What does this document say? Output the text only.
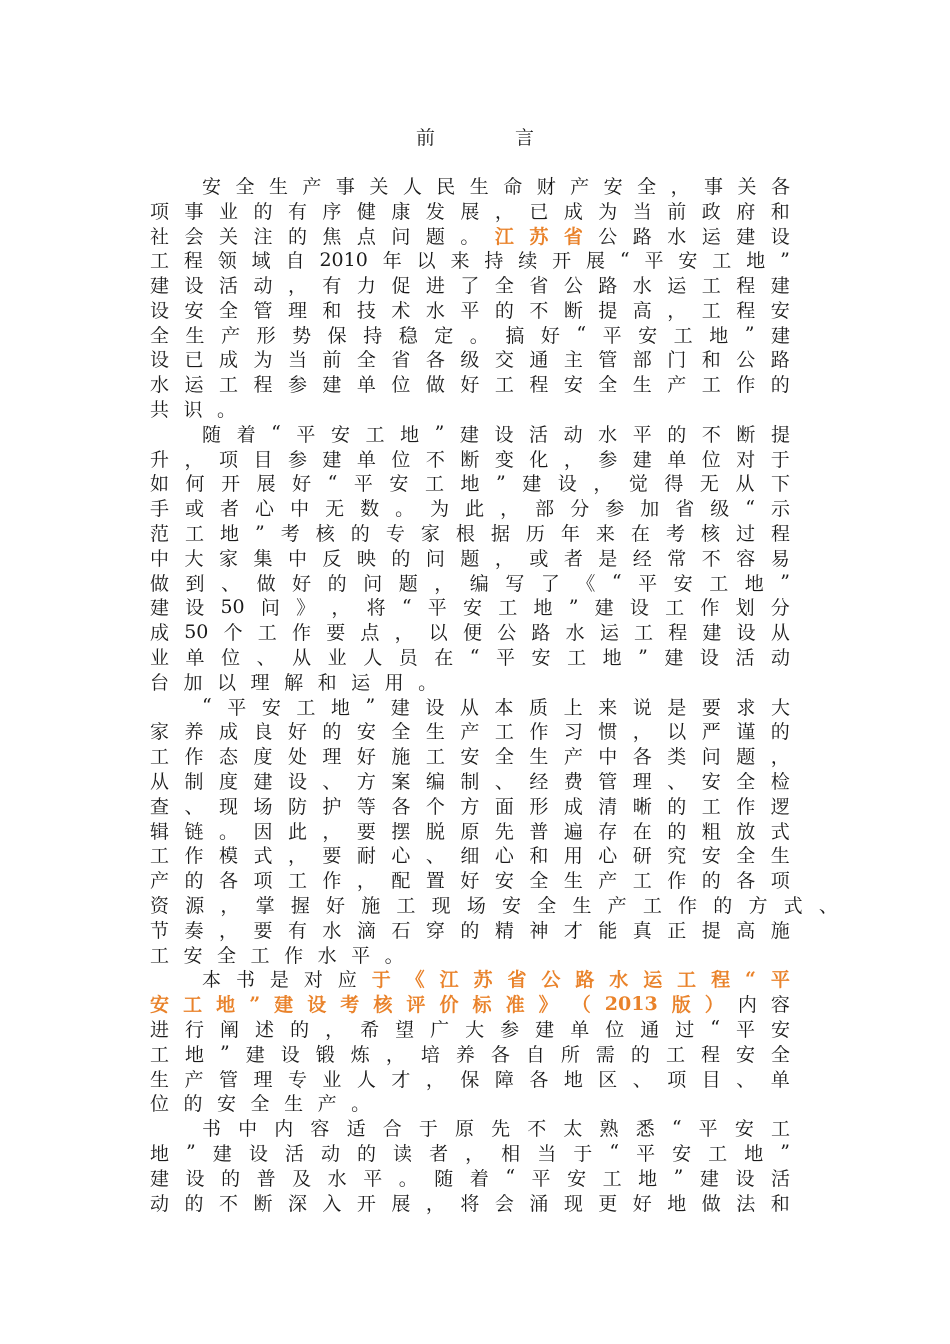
前言
安 全 生 产 事 关 人 民 生 命 财 产 安 全 ， 事 关 各
项 事 业 的 有 序 健 康 发 展 ， 已 成 为 当 前 政 府 和
社 会 关 注 的 焦 点 问 题 。 江 苏 省 公 路 水 运 建 设
工 程 领 域 自 2010 年 以 来 持 续 开 展 “ 平 安 工 地 ”
建 设 活 动 ， 有 力 促 进 了 全 省 公 路 水 运 工 程 建
设 安 全 管 理 和 技 术 水 平 的 不 断 提 高 ， 工 程 安
全 生 产 形 势 保 持 稳 定 。 搞 好 “ 平 安 工 地 ” 建
设 已 成 为 当 前 全 省 各 级 交 通 主 管 部 门 和 公 路
水 运 工 程 参 建 单 位 做 好 工 程 安 全 生 产 工 作 的
共 识 。
随 着 “ 平 安 工 地 ” 建 设 活 动 水 平 的 不 断 提
升 ， 项 目 参 建 单 位 不 断 变 化 ， 参 建 单 位 对 于
如 何 开 展 好 “ 平 安 工 地 ” 建 设 ， 觉 得 无 从 下
手 或 者 心 中 无 数 。 为 此 ， 部 分 参 加 省 级 “ 示
范 工 地 ” 考 核 的 专 家 根 据 历 年 来 在 考 核 过 程
中 大 家 集 中 反 映 的 问 题 ， 或 者 是 经 常 不 容 易
做 到 、 做 好 的 问 题 ， 编 写 了 《 “ 平 安 工 地 ”
建 设 50 问 》 ， 将 “ 平 安 工 地 ” 建 设 工 作 划 分
成 50 个 工 作 要 点 ， 以 便 公 路 水 运 工 程 建 设 从
业 单 位 、 从 业 人 员 在 “ 平 安 工 地 ” 建 设 活 动
台 加 以 理 解 和 运 用 。
“ 平 安 工 地 ” 建 设 从 本 质 上 来 说 是 要 求 大
家 养 成 良 好 的 安 全 生 产 工 作 习 惯 ， 以 严 谨 的
工 作 态 度 处 理 好 施 工 安 全 生 产 中 各 类 问 题 ，
从 制 度 建 设 、 方 案 编 制 、 经 费 管 理 、 安 全 检
查 、 现 场 防 护 等 各 个 方 面 形 成 清 晰 的 工 作 逻
辑 链 。 因 此 ， 要 摆 脱 原 先 普 遍 存 在 的 粗 放 式
工 作 模 式 ， 要 耐 心 、 细 心 和 用 心 研 究 安 全 生
产 的 各 项 工 作 ， 配 置 好 安 全 生 产 工 作 的 各 项
资 源 ， 掌 握 好 施 工 现 场 安 全 生 产 工 作 的 方 式 、
节 奏 ， 要 有 水 滴 石 穿 的 精 神 才 能 真 正 提 高 施
工 安 全 工 作 水 平 。
本 书 是 对 应 于 《 江 苏 省 公 路 水 运 工 程 “ 平
安 工 地 ” 建 设 考 核 评 价 标 准 》 （ 2013 版 ） 内 容
进 行 阐 述 的 ， 希 望 广 大 参 建 单 位 通 过 “ 平 安
工 地 ” 建 设 锻 炼 ， 培 养 各 自 所 需 的 工 程 安 全
生 产 管 理 专 业 人 才 ， 保 障 各 地 区 、 项 目 、 单
位 的 安 全 生 产 。
书 中 内 容 适 合 于 原 先 不 太 熟 悉 “ 平 安 工
地 ” 建 设 活 动 的 读 者 ， 相 当 于 “ 平 安 工 地 ”
建 设 的 普 及 水 平 。 随 着 “ 平 安 工 地 ” 建 设 活
动 的 不 断 深 入 开 展 ， 将 会 涌 现 更 好 地 做 法 和
